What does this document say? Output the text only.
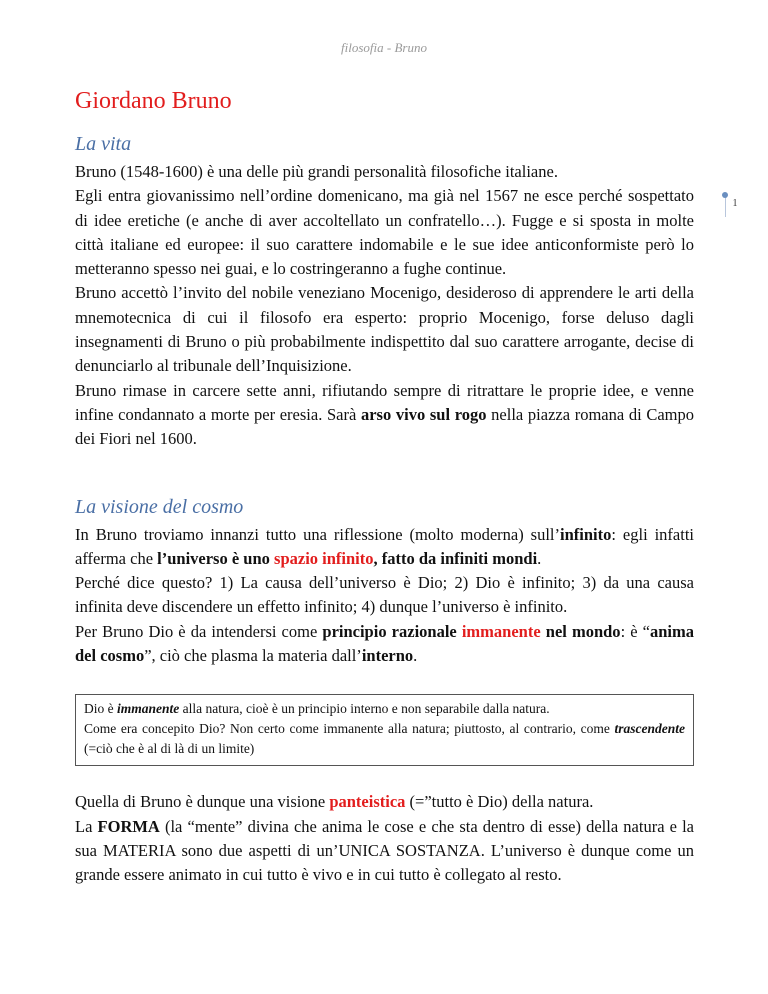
filosofia - Bruno
1
Giordano Bruno
La vita

Bruno (1548-1600) è una delle più grandi personalità filosofiche italiane.

Egli entra giovanissimo nell’ordine domenicano, ma già nel 1567 ne esce perché sospettato di idee eretiche (e anche di aver accoltellato un confratello…). Fugge e si sposta in molte città italiane ed europee: il suo carattere indomabile e le sue idee anticonformiste però lo metteranno spesso nei guai, e lo costringeranno a fughe continue.

Bruno accettò l’invito del nobile veneziano Mocenigo, desideroso di apprendere le arti della mnemotecnica di cui il filosofo era esperto: proprio Mocenigo, forse deluso dagli insegnamenti di Bruno o più probabilmente indispettito dal suo carattere arrogante, decise di denunciarlo al tribunale dell’Inquisizione.

Bruno rimase in carcere sette anni, rifiutando sempre di ritrattare le proprie idee, e venne infine condannato a morte per eresia. Sarà arso vivo sul rogo nella piazza romana di Campo dei Fiori nel 1600.

La visione del cosmo

In Bruno troviamo innanzi tutto una riflessione (molto moderna) sull’infinito: egli infatti afferma che l’universo è uno spazio infinito, fatto da infiniti mondi.

Perché dice questo? 1) La causa dell’universo è Dio; 2) Dio è infinito; 3) da una causa infinita deve discendere un effetto infinito; 4) dunque l’universo è infinito.

Per Bruno Dio è da intendersi come principio razionale immanente nel mondo: è “anima del cosmo”, ciò che plasma la materia dall’interno.

Dio è immanente alla natura, cioè è un principio interno e non separabile dalla natura.
Come era concepito Dio? Non certo come immanente alla natura; piuttosto, al contrario, come trascendente (=ciò che è al di là di un limite)

Quella di Bruno è dunque una visione panteistica (=”tutto è Dio) della natura.

La FORMA (la “mente” divina che anima le cose e che sta dentro di esse) della natura e la sua MATERIA sono due aspetti di un’UNICA SOSTANZA. L’universo è dunque come un grande essere animato in cui tutto è vivo e in cui tutto è collegato al resto.
